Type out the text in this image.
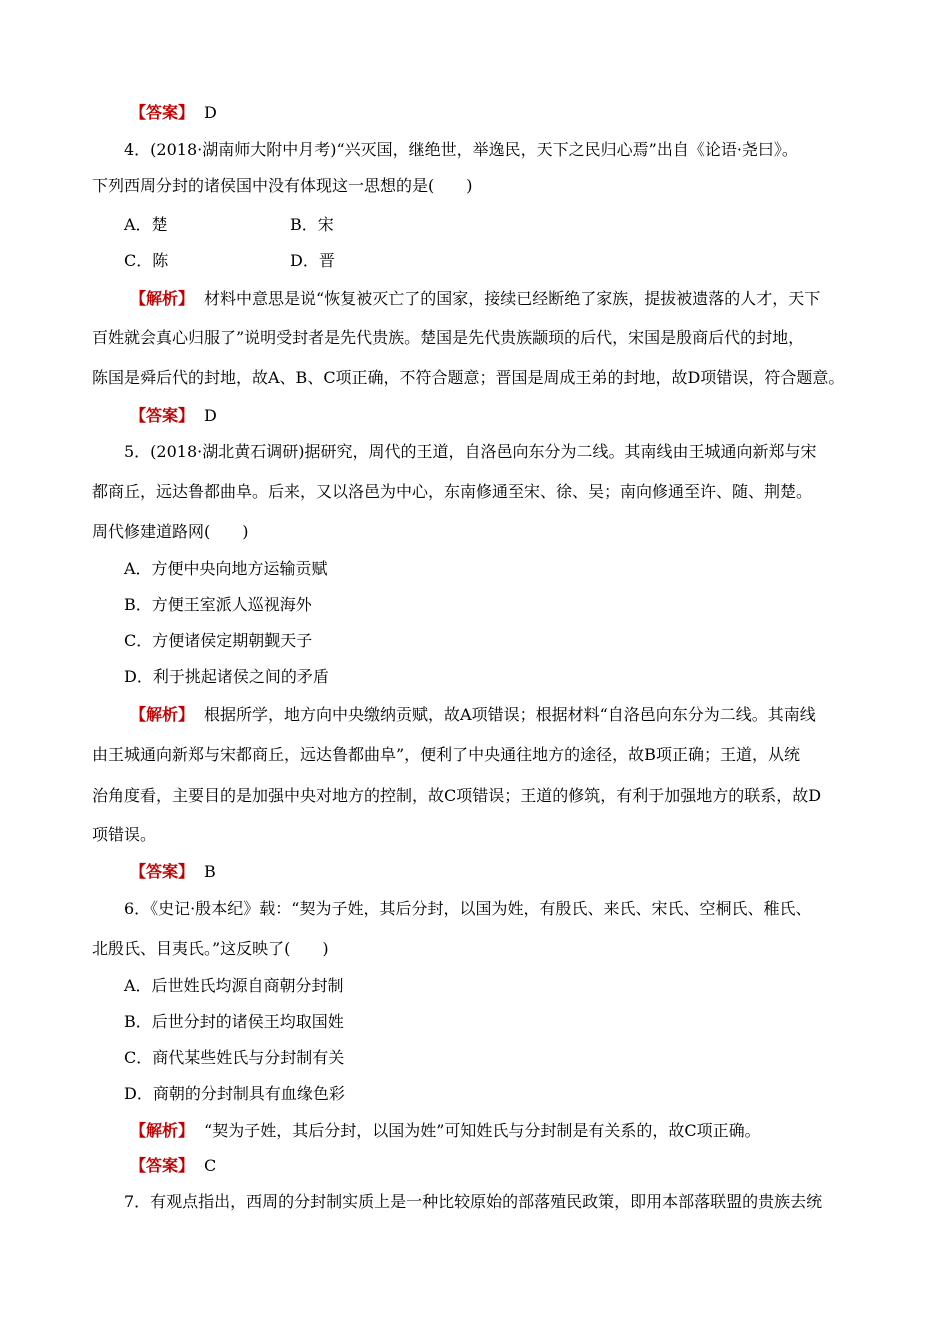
【答案】 D
4．(2018·湖南师大附中月考)“兴灭国，继绝世，举逸民，天下之民归心焉”出自《论语·尧曰》。
下列西周分封的诸侯国中没有体现这一思想的是(　　)
A．楚	B．宋
C．陈	D．晋
【解析】 材料中意思是说“恢复被灭亡了的国家，接续已经断绝了家族，提拔被遗落的人才，天下
百姓就会真心归服了”说明受封者是先代贵族。楚国是先代贵族颛顼的后代，宋国是殷商后代的封地，
陈国是舜后代的封地，故A、B、C项正确，不符合题意；晋国是周成王弟的封地，故D项错误，符合题意。
【答案】 D
5．(2018·湖北黄石调研)据研究，周代的王道，自洛邑向东分为二线。其南线由王城通向新郑与宋
都商丘，远达鲁都曲阜。后来，又以洛邑为中心，东南修通至宋、徐、吴；南向修通至许、随、荆楚。
周代修建道路网(　　)
A．方便中央向地方运输贡赋
B．方便王室派人巡视海外
C．方便诸侯定期朝觐天子
D．利于挑起诸侯之间的矛盾
【解析】 根据所学，地方向中央缴纳贡赋，故A项错误；根据材料“自洛邑向东分为二线。其南线
由王城通向新郑与宋都商丘，远达鲁都曲阜”，便利了中央通往地方的途径，故B项正确；王道，从统
治角度看，主要目的是加强中央对地方的控制，故C项错误；王道的修筑，有利于加强地方的联系，故D
项错误。
【答案】 B
6．《史记·殷本纪》载：“契为子姓，其后分封，以国为姓，有殷氏、来氏、宋氏、空桐氏、稚氏、
北殷氏、目夷氏。”这反映了(　　)
A．后世姓氏均源自商朝分封制
B．后世分封的诸侯王均取国姓
C．商代某些姓氏与分封制有关
D．商朝的分封制具有血缘色彩
【解析】 “契为子姓，其后分封，以国为姓”可知姓氏与分封制是有关系的，故C项正确。
【答案】 C
7．有观点指出，西周的分封制实质上是一种比较原始的部落殖民政策，即用本部落联盟的贵族去统
